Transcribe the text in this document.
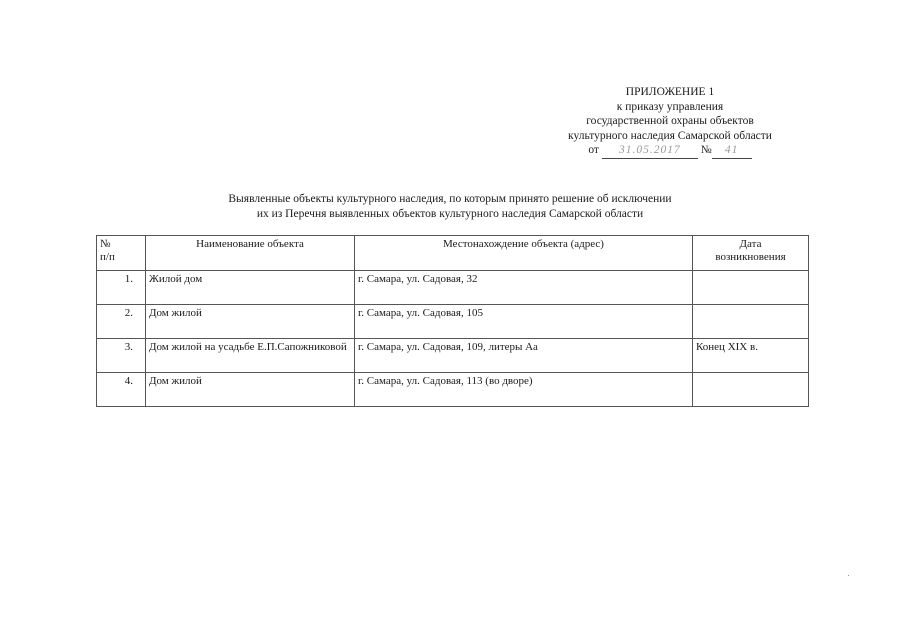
ПРИЛОЖЕНИЕ 1
к приказу управления
государственной охраны объектов
культурного наследия Самарской области
от 31.05.2017 № 41
Выявленные объекты культурного наследия, по которым принято решение об исключении
их из Перечня выявленных объектов культурного наследия Самарской области
№
п/п	Наименование объекта	Местонахождение объекта (адрес)	Дата
возникновения
1.	Жилой дом	г. Самара, ул. Садовая, 32	
2.	Дом жилой	г. Самара, ул. Садовая, 105	
3.	Дом жилой на усадьбе Е.П.Сапожниковой	г. Самара, ул. Садовая, 109, литеры Аа	Конец XIX в.
4.	Дом жилой	г. Самара, ул. Садовая, 113 (во дворе)	
